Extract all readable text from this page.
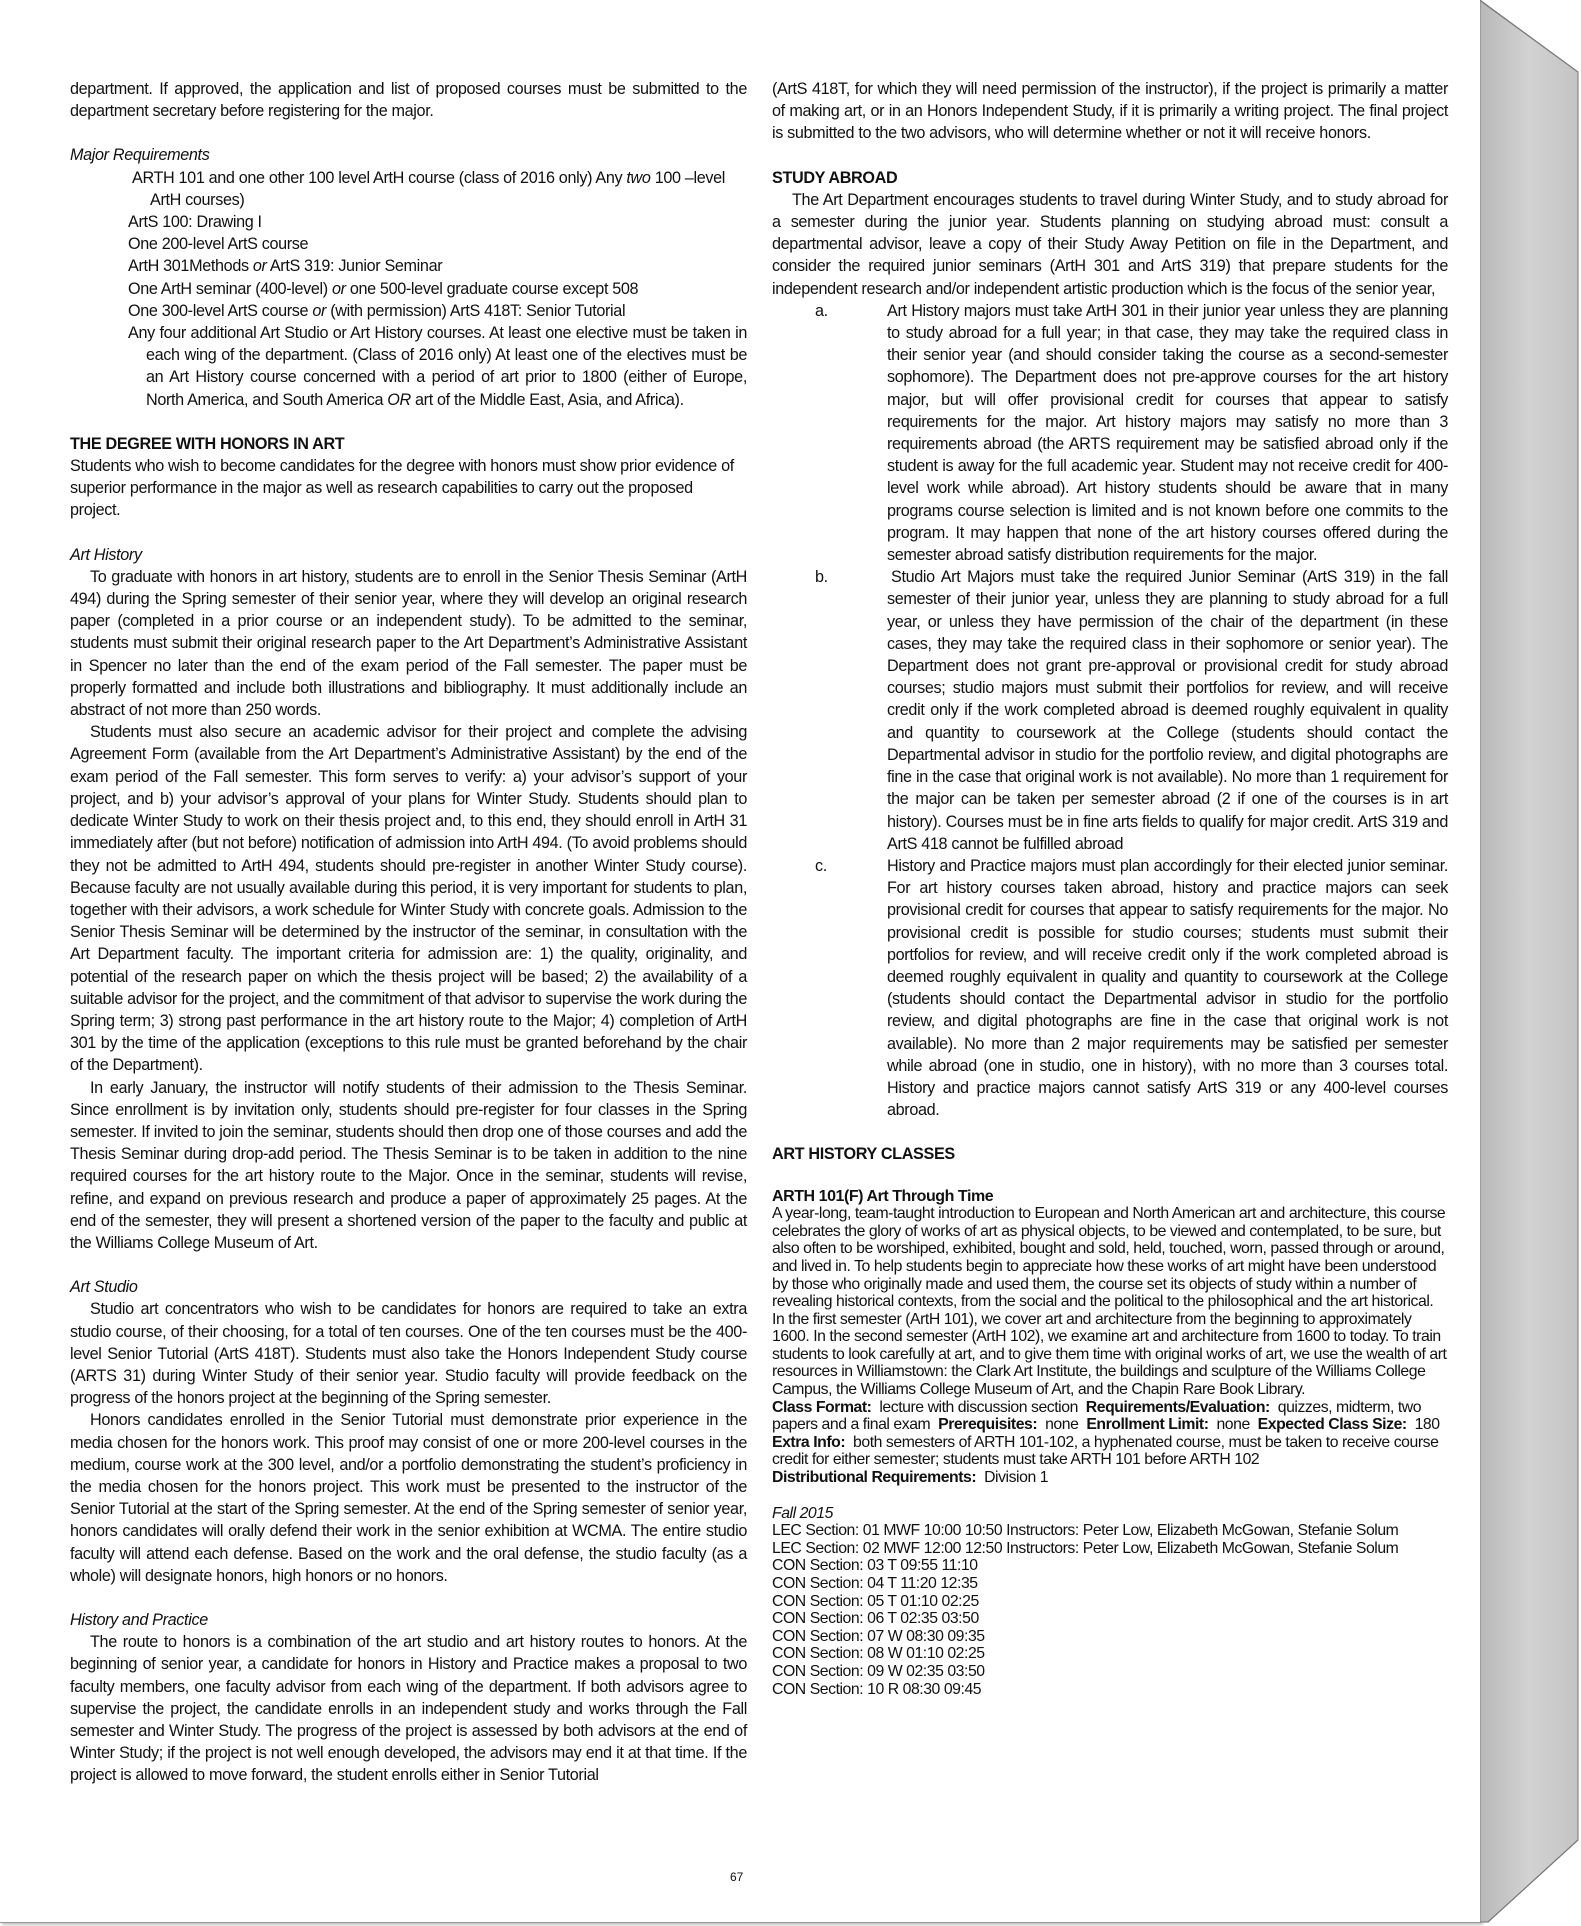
department. If approved, the application and list of proposed courses must be submitted to the department secretary before registering for the major.

Major Requirements

ARTH 101 and one other 100 level ArtH course (class of 2016 only) Any two 100 –level ArtH courses)

ArtS 100: Drawing I

One 200-level ArtS course

ArtH 301Methods or ArtS 319: Junior Seminar

One ArtH seminar (400-level) or one 500-level graduate course except 508

One 300-level ArtS course or (with permission) ArtS 418T: Senior Tutorial

Any four additional Art Studio or Art History courses. At least one elective must be taken in each wing of the department. (Class of 2016 only) At least one of the electives must be an Art History course concerned with a period of art prior to 1800 (either of Europe, North America, and South America OR art of the Middle East, Asia, and Africa).

THE DEGREE WITH HONORS IN ART

Students who wish to become candidates for the degree with honors must show prior evidence of superior performance in the major as well as research capabilities to carry out the proposed project.

Art History

To graduate with honors in art history, students are to enroll in the Senior Thesis Seminar (ArtH 494) during the Spring semester of their senior year, where they will develop an original research paper (completed in a prior course or an independent study). To be admitted to the seminar, students must submit their original research paper to the Art Department’s Administrative Assistant in Spencer no later than the end of the exam period of the Fall semester. The paper must be properly formatted and include both illustrations and bibliography. It must additionally include an abstract of not more than 250 words.

Students must also secure an academic advisor for their project and complete the advising Agreement Form (available from the Art Department’s Administrative Assistant) by the end of the exam period of the Fall semester. This form serves to verify: a) your advisor’s support of your project, and b) your advisor’s approval of your plans for Winter Study. Students should plan to dedicate Winter Study to work on their thesis project and, to this end, they should enroll in ArtH 31 immediately after (but not before) notification of admission into ArtH 494. (To avoid problems should they not be admitted to ArtH 494, students should pre-register in another Winter Study course). Because faculty are not usually available during this period, it is very important for students to plan, together with their advisors, a work schedule for Winter Study with concrete goals. Admission to the Senior Thesis Seminar will be determined by the instructor of the seminar, in consultation with the Art Department faculty. The important criteria for admission are: 1) the quality, originality, and potential of the research paper on which the thesis project will be based; 2) the availability of a suitable advisor for the project, and the commitment of that advisor to supervise the work during the Spring term; 3) strong past performance in the art history route to the Major; 4) completion of ArtH 301 by the time of the application (exceptions to this rule must be granted beforehand by the chair of the Department).

In early January, the instructor will notify students of their admission to the Thesis Seminar. Since enrollment is by invitation only, students should pre-register for four classes in the Spring semester. If invited to join the seminar, students should then drop one of those courses and add the Thesis Seminar during drop-add period. The Thesis Seminar is to be taken in addition to the nine required courses for the art history route to the Major. Once in the seminar, students will revise, refine, and expand on previous research and produce a paper of approximately 25 pages. At the end of the semester, they will present a shortened version of the paper to the faculty and public at the Williams College Museum of Art.

Art Studio

Studio art concentrators who wish to be candidates for honors are required to take an extra studio course, of their choosing, for a total of ten courses. One of the ten courses must be the 400-level Senior Tutorial (ArtS 418T). Students must also take the Honors Independent Study course (ARTS 31) during Winter Study of their senior year. Studio faculty will provide feedback on the progress of the honors project at the beginning of the Spring semester.

Honors candidates enrolled in the Senior Tutorial must demonstrate prior experience in the media chosen for the honors work. This proof may consist of one or more 200-level courses in the medium, course work at the 300 level, and/or a portfolio demonstrating the student’s proficiency in the media chosen for the honors project. This work must be presented to the instructor of the Senior Tutorial at the start of the Spring semester. At the end of the Spring semester of senior year, honors candidates will orally defend their work in the senior exhibition at WCMA. The entire studio faculty will attend each defense. Based on the work and the oral defense, the studio faculty (as a whole) will designate honors, high honors or no honors.

History and Practice

The route to honors is a combination of the art studio and art history routes to honors. At the beginning of senior year, a candidate for honors in History and Practice makes a proposal to two faculty members, one faculty advisor from each wing of the department. If both advisors agree to supervise the project, the candidate enrolls in an independent study and works through the Fall semester and Winter Study. The progress of the project is assessed by both advisors at the end of Winter Study; if the project is not well enough developed, the advisors may end it at that time. If the project is allowed to move forward, the student enrolls either in Senior Tutorial

(ArtS 418T, for which they will need permission of the instructor), if the project is primarily a matter of making art, or in an Honors Independent Study, if it is primarily a writing project. The final project is submitted to the two advisors, who will determine whether or not it will receive honors.

STUDY ABROAD

The Art Department encourages students to travel during Winter Study, and to study abroad for a semester during the junior year. Students planning on studying abroad must: consult a departmental advisor, leave a copy of their Study Away Petition on file in the Department, and consider the required junior seminars (ArtH 301 and ArtS 319) that prepare students for the independent research and/or independent artistic production which is the focus of the senior year,

a.	Art History majors must take ArtH 301 in their junior year unless they are planning to study abroad for a full year; in that case, they may take the required class in their senior year (and should consider taking the course as a second-semester sophomore). The Department does not pre-approve courses for the art history major, but will offer provisional credit for courses that appear to satisfy requirements for the major. Art history majors may satisfy no more than 3 requirements abroad (the ARTS requirement may be satisfied abroad only if the student is away for the full academic year. Student may not receive credit for 400-level work while abroad). Art history students should be aware that in many programs course selection is limited and is not known before one commits to the program. It may happen that none of the art history courses offered during the semester abroad satisfy distribution requirements for the major.

b.	Studio Art Majors must take the required Junior Seminar (ArtS 319) in the fall semester of their junior year, unless they are planning to study abroad for a full year, or unless they have permission of the chair of the department (in these cases, they may take the required class in their sophomore or senior year). The Department does not grant pre-approval or provisional credit for study abroad courses; studio majors must submit their portfolios for review, and will receive credit only if the work completed abroad is deemed roughly equivalent in quality and quantity to coursework at the College (students should contact the Departmental advisor in studio for the portfolio review, and digital photographs are fine in the case that original work is not available). No more than 1 requirement for the major can be taken per semester abroad (2 if one of the courses is in art history). Courses must be in fine arts fields to qualify for major credit. ArtS 319 and ArtS 418 cannot be fulfilled abroad

c.	History and Practice majors must plan accordingly for their elected junior seminar. For art history courses taken abroad, history and practice majors can seek provisional credit for courses that appear to satisfy requirements for the major. No provisional credit is possible for studio courses; students must submit their portfolios for review, and will receive credit only if the work completed abroad is deemed roughly equivalent in quality and quantity to coursework at the College (students should contact the Departmental advisor in studio for the portfolio review, and digital photographs are fine in the case that original work is not available). No more than 2 major requirements may be satisfied per semester while abroad (one in studio, one in history), with no more than 3 courses total. History and practice majors cannot satisfy ArtS 319 or any 400-level courses abroad.

ART HISTORY CLASSES

ARTH 101(F) Art Through Time

A year-long, team-taught introduction to European and North American art and architecture, this course celebrates the glory of works of art as physical objects, to be viewed and contemplated, to be sure, but also often to be worshiped, exhibited, bought and sold, held, touched, worn, passed through or around, and lived in. To help students begin to appreciate how these works of art might have been understood by those who originally made and used them, the course set its objects of study within a number of revealing historical contexts, from the social and the political to the philosophical and the art historical. In the first semester (ArtH 101), we cover art and architecture from the beginning to approximately 1600. In the second semester (ArtH 102), we examine art and architecture from 1600 to today. To train students to look carefully at art, and to give them time with original works of art, we use the wealth of art resources in Williamstown: the Clark Art Institute, the buildings and sculpture of the Williams College Campus, the Williams College Museum of Art, and the Chapin Rare Book Library.

Class Format:  lecture with discussion section  Requirements/Evaluation:  quizzes, midterm, two papers and a final exam  Prerequisites:  none  Enrollment Limit:  none  Expected Class Size:  180      Extra Info:  both semesters of ARTH 101-102, a hyphenated course, must be taken to receive course credit for either semester; students must take ARTH 101 before ARTH 102

Distributional Requirements:  Division 1

Fall 2015

LEC Section: 01 MWF 10:00 10:50 Instructors: Peter Low, Elizabeth McGowan, Stefanie Solum

LEC Section: 02 MWF 12:00 12:50 Instructors: Peter Low, Elizabeth McGowan, Stefanie Solum

CON Section: 03 T 09:55 11:10

CON Section: 04 T 11:20 12:35

CON Section: 05 T 01:10 02:25

CON Section: 06 T 02:35 03:50

CON Section: 07 W 08:30 09:35

CON Section: 08 W 01:10 02:25

CON Section: 09 W 02:35 03:50

CON Section: 10 R 08:30 09:45

67
